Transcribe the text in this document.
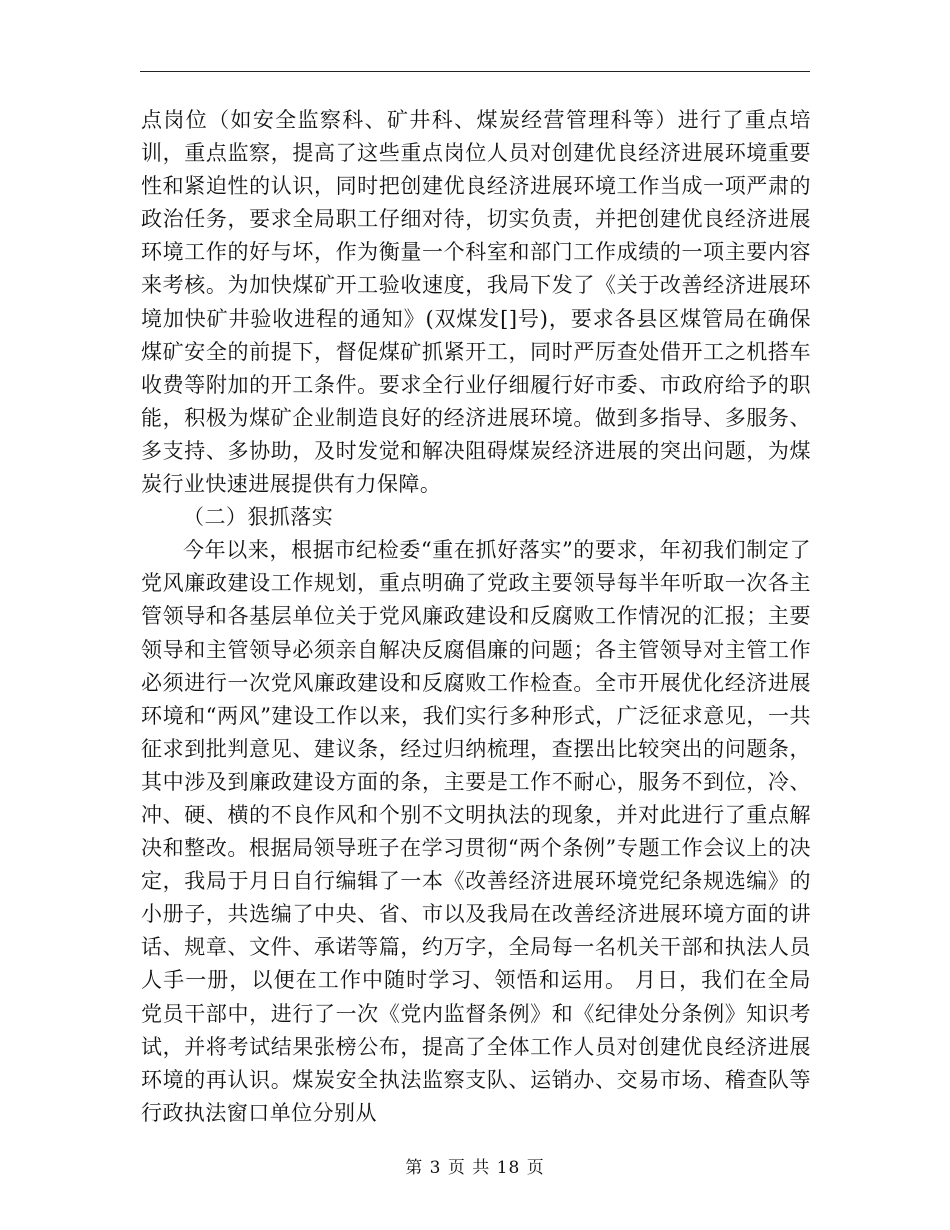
点岗位（如安全监察科、矿井科、煤炭经营管理科等）进行了重点培训，重点监察，提高了这些重点岗位人员对创建优良经济进展环境重要性和紧迫性的认识，同时把创建优良经济进展环境工作当成一项严肃的政治任务，要求全局职工仔细对待，切实负责，并把创建优良经济进展环境工作的好与坏，作为衡量一个科室和部门工作成绩的一项主要内容来考核。为加快煤矿开工验收速度，我局下发了《关于改善经济进展环境加快矿井验收进程的通知》(双煤发[]号)，要求各县区煤管局在确保煤矿安全的前提下，督促煤矿抓紧开工，同时严厉查处借开工之机搭车收费等附加的开工条件。要求全行业仔细履行好市委、市政府给予的职能，积极为煤矿企业制造良好的经济进展环境。做到多指导、多服务、多支持、多协助，及时发觉和解决阻碍煤炭经济进展的突出问题，为煤炭行业快速进展提供有力保障。

（二）狠抓落实

今年以来，根据市纪检委“重在抓好落实”的要求，年初我们制定了党风廉政建设工作规划，重点明确了党政主要领导每半年听取一次各主管领导和各基层单位关于党风廉政建设和反腐败工作情况的汇报；主要领导和主管领导必须亲自解决反腐倡廉的问题；各主管领导对主管工作必须进行一次党风廉政建设和反腐败工作检查。全市开展优化经济进展环境和“两风”建设工作以来，我们实行多种形式，广泛征求意见，一共征求到批判意见、建议条，经过归纳梳理，查摆出比较突出的问题条，其中涉及到廉政建设方面的条，主要是工作不耐心，服务不到位，冷、冲、硬、横的不良作风和个别不文明执法的现象，并对此进行了重点解决和整改。根据局领导班子在学习贯彻“两个条例”专题工作会议上的决定，我局于月日自行编辑了一本《改善经济进展环境党纪条规选编》的小册子，共选编了中央、省、市以及我局在改善经济进展环境方面的讲话、规章、文件、承诺等篇，约万字，全局每一名机关干部和执法人员人手一册，以便在工作中随时学习、领悟和运用。 月日，我们在全局党员干部中，进行了一次《党内监督条例》和《纪律处分条例》知识考试，并将考试结果张榜公布，提高了全体工作人员对创建优良经济进展环境的再认识。煤炭安全执法监察支队、运销办、交易市场、稽查队等行政执法窗口单位分别从

第 3 页 共 18 页
